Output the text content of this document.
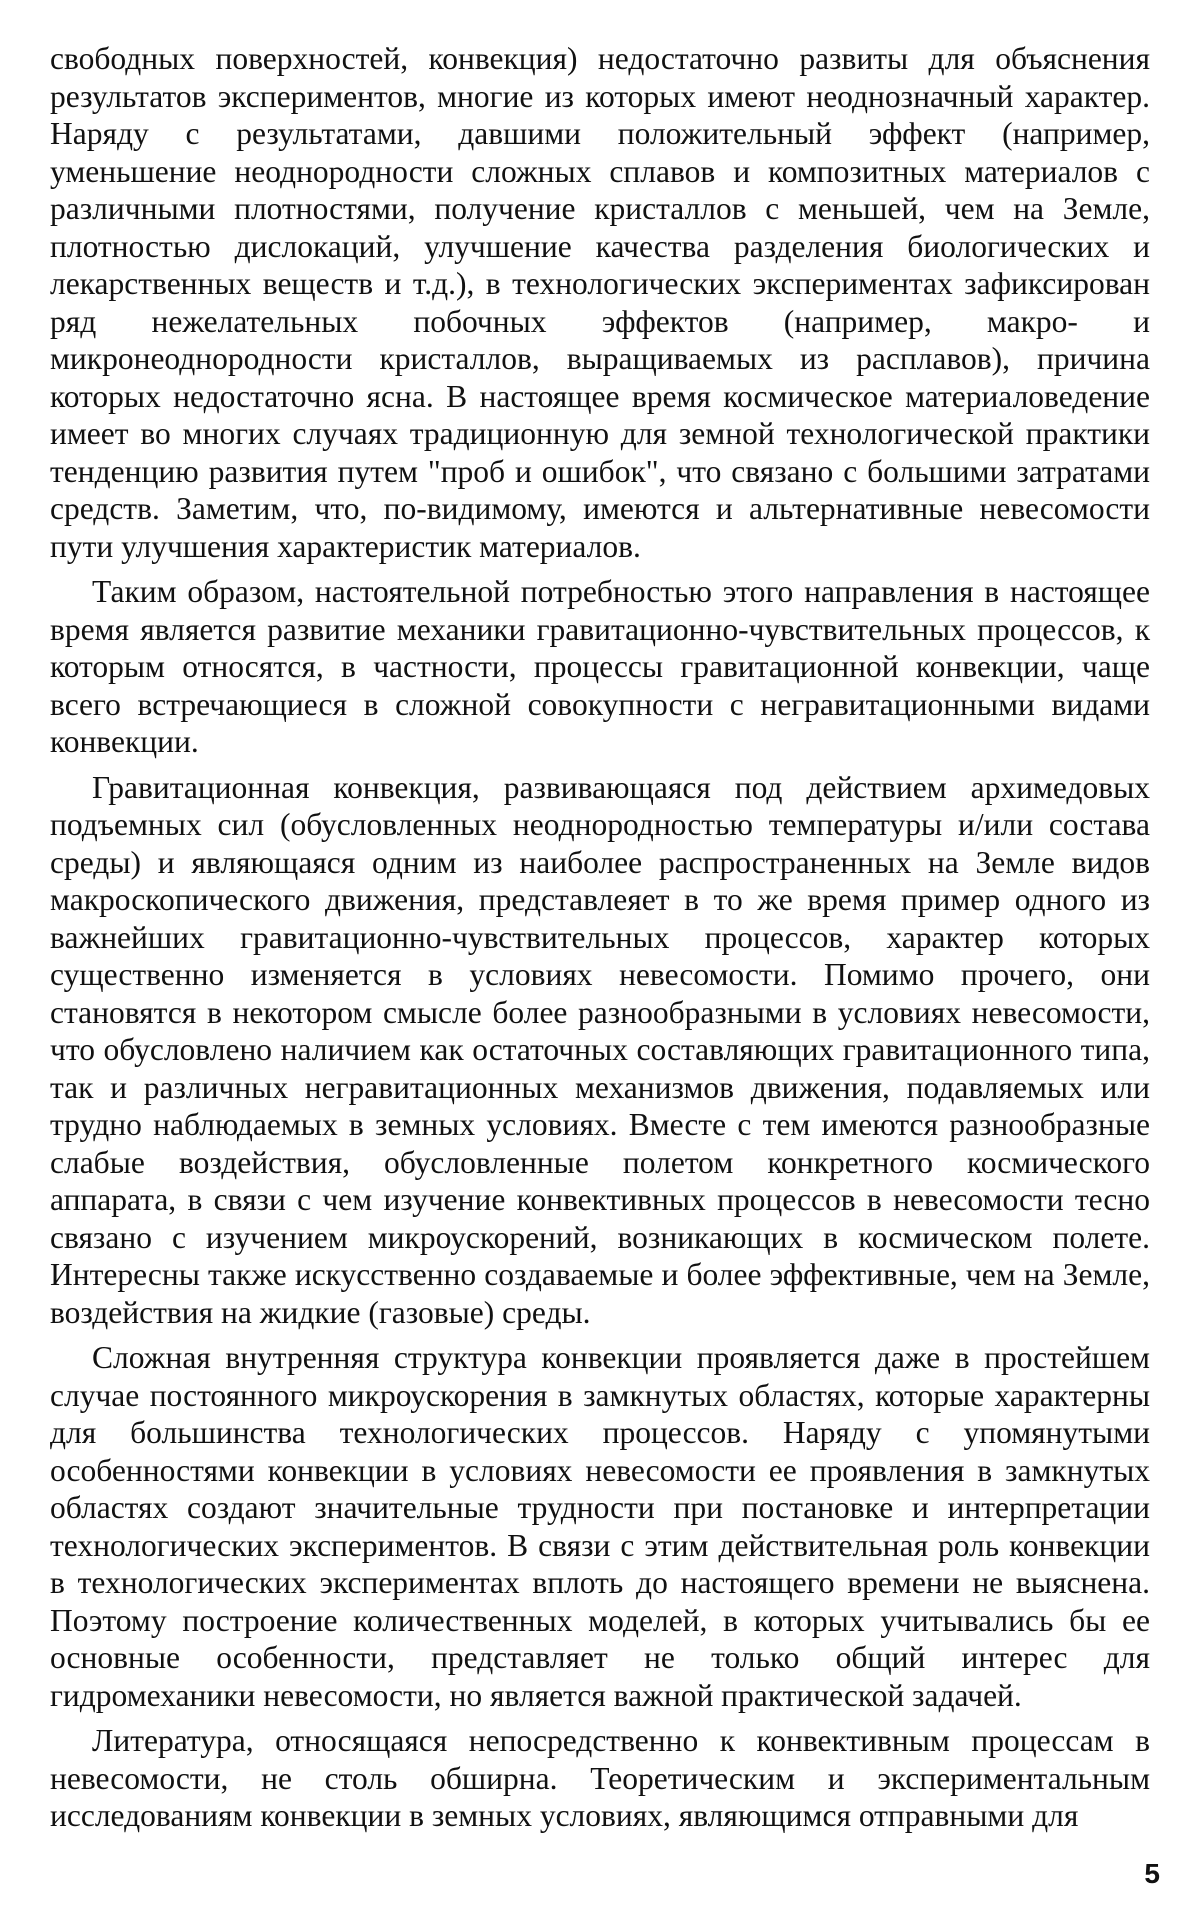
свободных поверхностей, конвекция) недостаточно развиты для объяснения результатов экспериментов, многие из которых имеют неоднозначный характер. Наряду с результатами, давшими положительный эффект (например, уменьшение неоднородности сложных сплавов и композитных материалов с различными плотностями, получение кристаллов с меньшей, чем на Земле, плотностью дислокаций, улучшение качества разделения биологических и лекарственных веществ и т.д.), в технологических экспериментах зафиксирован ряд нежелательных побочных эффектов (например, макро- и микронеоднородности кристаллов, выращиваемых из расплавов), причина которых недостаточно ясна. В настоящее время космическое материаловедение имеет во многих случаях традиционную для земной технологической практики тенденцию развития путем "проб и ошибок", что связано с большими затратами средств. Заметим, что, по-видимому, имеются и альтернативные невесомости пути улучшения характеристик материалов.

Таким образом, настоятельной потребностью этого направления в настоящее время является развитие механики гравитационно-чувствительных процессов, к которым относятся, в частности, процессы гравитационной конвекции, чаще всего встречающиеся в сложной совокупности с негравитационными видами конвекции.

Гравитационная конвекция, развивающаяся под действием архимедовых подъемных сил (обусловленных неоднородностью температуры и/или состава среды) и являющаяся одним из наиболее распространенных на Земле видов макроскопического движения, представлеяет в то же время пример одного из важнейших гравитационно-чувствительных процессов, характер которых существенно изменяется в условиях невесомости. Помимо прочего, они становятся в некотором смысле более разнообразными в условиях невесомости, что обусловлено наличием как остаточных составляющих гравитационного типа, так и различных негравитационных механизмов движения, подавляемых или трудно наблюдаемых в земных условиях. Вместе с тем имеются разнообразные слабые воздействия, обусловленные полетом конкретного космического аппарата, в связи с чем изучение конвективных процессов в невесомости тесно связано с изучением микроускорений, возникающих в космическом полете. Интересны также искусственно создаваемые и более эффективные, чем на Земле, воздействия на жидкие (газовые) среды.

Сложная внутренняя структура конвекции проявляется даже в простейшем случае постоянного микроускорения в замкнутых областях, которые характерны для большинства технологических процессов. Наряду с упомянутыми особенностями конвекции в условиях невесомости ее проявления в замкнутых областях создают значительные трудности при постановке и интерпретации технологических экспериментов. В связи с этим действительная роль конвекции в технологических экспериментах вплоть до настоящего времени не выяснена. Поэтому построение количественных моделей, в которых учитывались бы ее основные особенности, представляет не только общий интерес для гидромеханики невесомости, но является важной практической задачей.

Литература, относящаяся непосредственно к конвективным процессам в невесомости, не столь обширна. Теоретическим и экспериментальным исследованиям конвекции в земных условиях, являющимся отправными для

5
